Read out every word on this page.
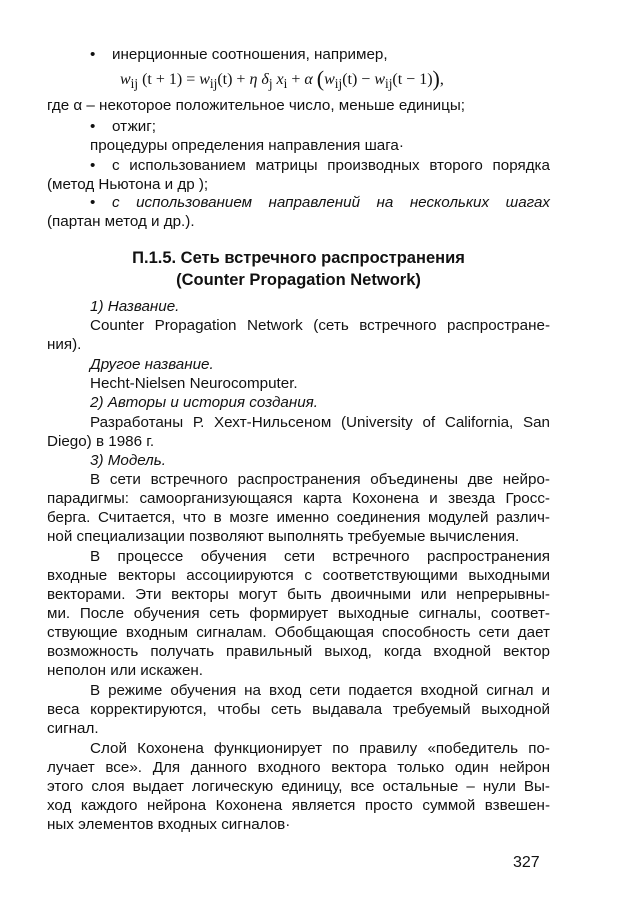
• инерционные соотношения, например,

$w_{ij}$ $(t + 1) = w_{ij}(t) + \eta$ $\delta_j$ $x_i + \alpha$ $(w_{ij}(t) - w_{ij}(t - 1))$,

где α – некоторое положительное число, меньше единицы;

• отжиг;

процедуры определения направления шага·

• с использованием матрицы производных второго порядка

(метод Ньютона и др );

• с использованием направлений на нескольких шагах

(партан метод и др.).

П.1.5. Сеть встречного распространения

(Counter Propagation Network)

1) Название.

Counter Propagation Network (сеть встречного распростране-

ния).

Другое название.

Hecht-Nielsen Neurocomputer.

2) Авторы и история создания.

Разработаны Р. Хехт-Нильсеном (University of California, San

Diego) в 1986 г.

3) Модель.

В сети встречного распространения объединены две нейро-

парадигмы: самоорганизующаяся карта Кохонена и звезда Гросс-

берга. Считается, что в мозге именно соединения модулей различ-

ной специализации позволяют выполнять требуемые вычисления.

В процессе обучения сети встречного распространения

входные векторы ассоциируются с соответствующими выходными

векторами. Эти векторы могут быть двоичными или непрерывны-

ми. После обучения сеть формирует выходные сигналы, соответ-

ствующие входным сигналам. Обобщающая способность сети дает

возможность получать правильный выход, когда входной вектор

неполон или искажен.

В режиме обучения на вход сети подается входной сигнал и

веса корректируются, чтобы сеть выдавала требуемый выходной

сигнал.

Слой Кохонена функционирует по правилу «победитель по-

лучает все». Для данного входного вектора только один нейрон

этого слоя выдает логическую единицу, все остальные – нули Вы-

ход каждого нейрона Кохонена является просто суммой взвешен-

ных элементов входных сигналов·

327
